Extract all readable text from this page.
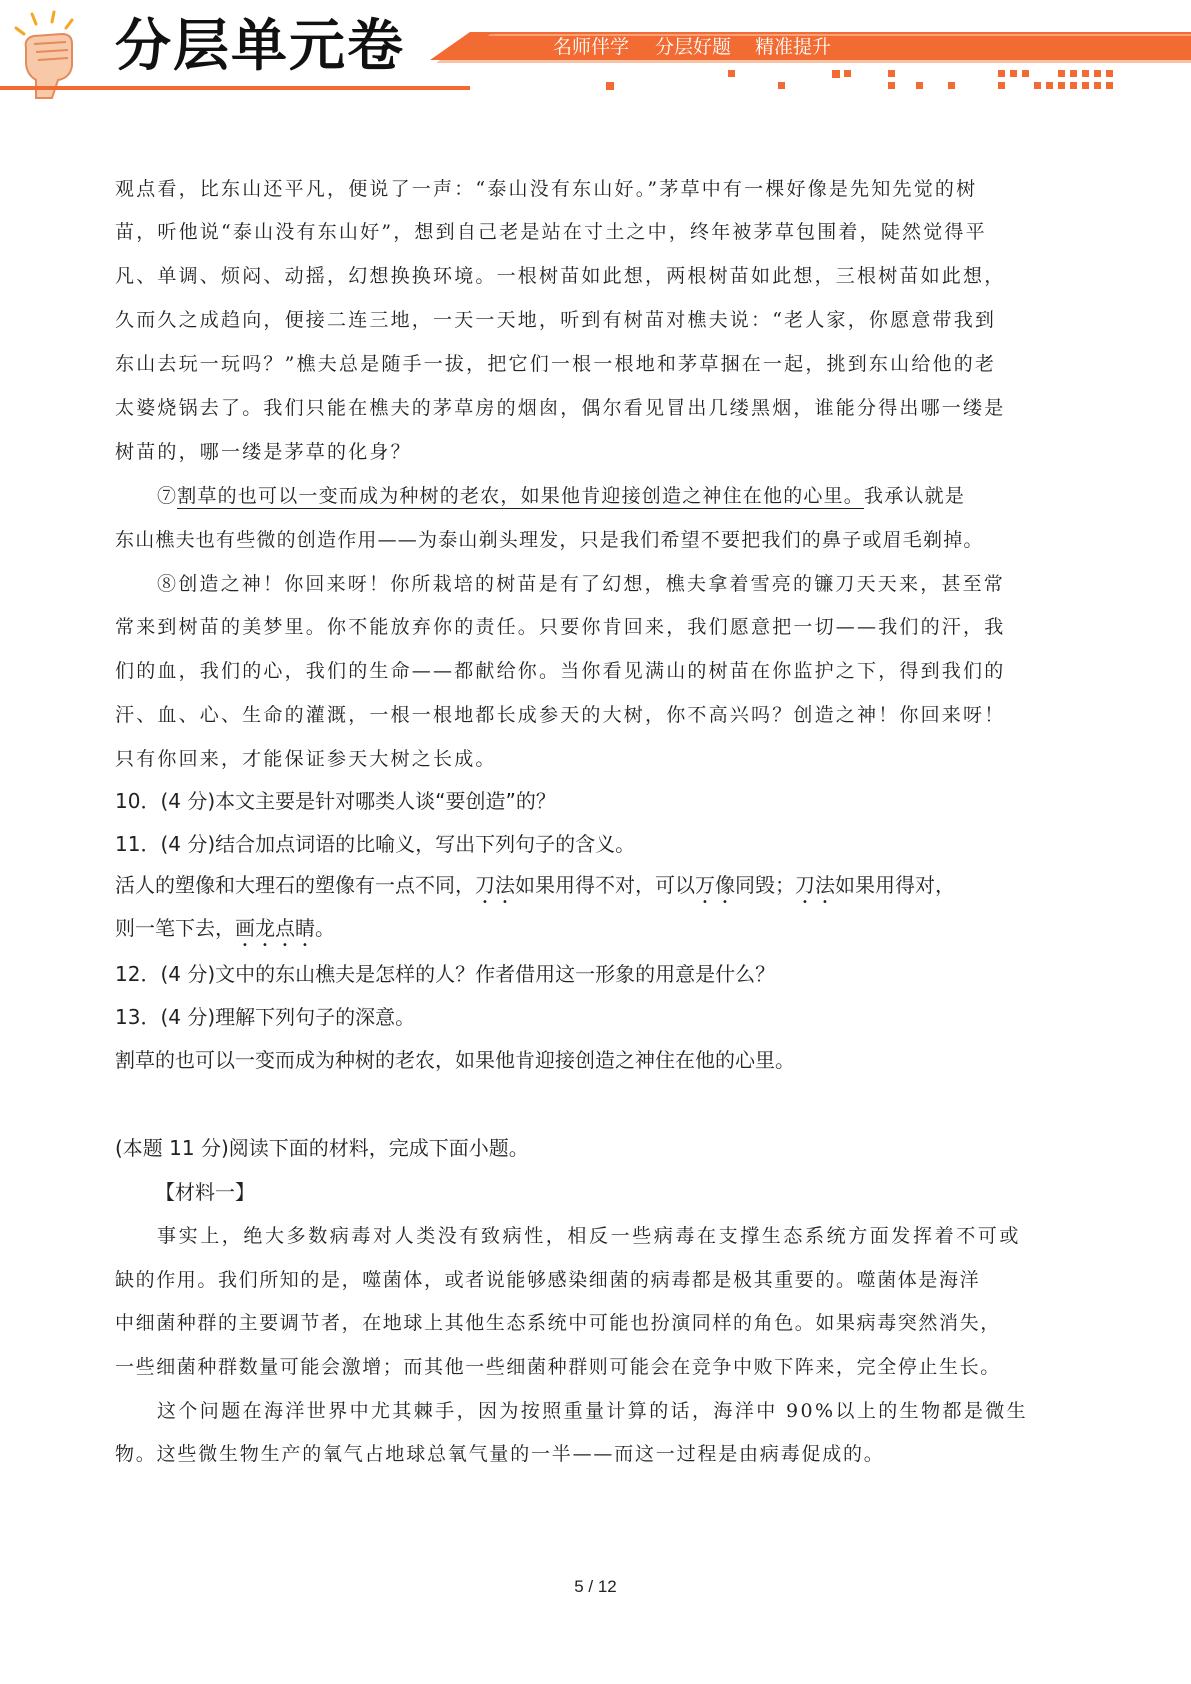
分层单元卷	名师伴学 分层好题 精准提升
观点看，比东山还平凡，便说了一声：“泰山没有东山好。”茅草中有一棵好像是先知先觉的树
苗，听他说“泰山没有东山好”，想到自己老是站在寸土之中，终年被茅草包围着，陡然觉得平
凡、单调、烦闷、动摇，幻想换换环境。一根树苗如此想，两根树苗如此想，三根树苗如此想，
久而久之成趋向，便接二连三地，一天一天地，听到有树苗对樵夫说：“老人家，你愿意带我到
东山去玩一玩吗？”樵夫总是随手一拔，把它们一根一根地和茅草捆在一起，挑到东山给他的老
太婆烧锅去了。我们只能在樵夫的茅草房的烟囱，偶尔看见冒出几缕黑烟，谁能分得出哪一缕是
树苗的，哪一缕是茅草的化身？
⑦割草的也可以一变而成为种树的老农，如果他肯迎接创造之神住在他的心里。我承认就是
东山樵夫也有些微的创造作用——为泰山剃头理发，只是我们希望不要把我们的鼻子或眉毛剃掉。
⑧创造之神！你回来呀！你所栽培的树苗是有了幻想，樵夫拿着雪亮的镰刀天天来，甚至常
常来到树苗的美梦里。你不能放弃你的责任。只要你肯回来，我们愿意把一切——我们的汗，我
们的血，我们的心，我们的生命——都献给你。当你看见满山的树苗在你监护之下，得到我们的
汗、血、心、生命的灌溉，一根一根地都长成参天的大树，你不高兴吗？创造之神！你回来呀！
只有你回来，才能保证参天大树之长成。
10．(4 分)本文主要是针对哪类人谈“要创造”的？
11．(4 分)结合加点词语的比喻义，写出下列句子的含义。
活人的塑像和大理石的塑像有一点不同，刀法如果用得不对，可以万像同毁；刀法如果用得对，
则一笔下去，画龙点睛。
12．(4 分)文中的东山樵夫是怎样的人？作者借用这一形象的用意是什么？
13．(4 分)理解下列句子的深意。
割草的也可以一变而成为种树的老农，如果他肯迎接创造之神住在他的心里。
(本题 11 分)阅读下面的材料，完成下面小题。
【材料一】
事实上，绝大多数病毒对人类没有致病性，相反一些病毒在支撑生态系统方面发挥着不可或
缺的作用。我们所知的是，噬菌体，或者说能够感染细菌的病毒都是极其重要的。噬菌体是海洋
中细菌种群的主要调节者，在地球上其他生态系统中可能也扮演同样的角色。如果病毒突然消失，
一些细菌种群数量可能会激增；而其他一些细菌种群则可能会在竞争中败下阵来，完全停止生长。
这个问题在海洋世界中尤其棘手，因为按照重量计算的话，海洋中 90%以上的生物都是微生
物。这些微生物生产的氧气占地球总氧气量的一半——而这一过程是由病毒促成的。
5 / 12
